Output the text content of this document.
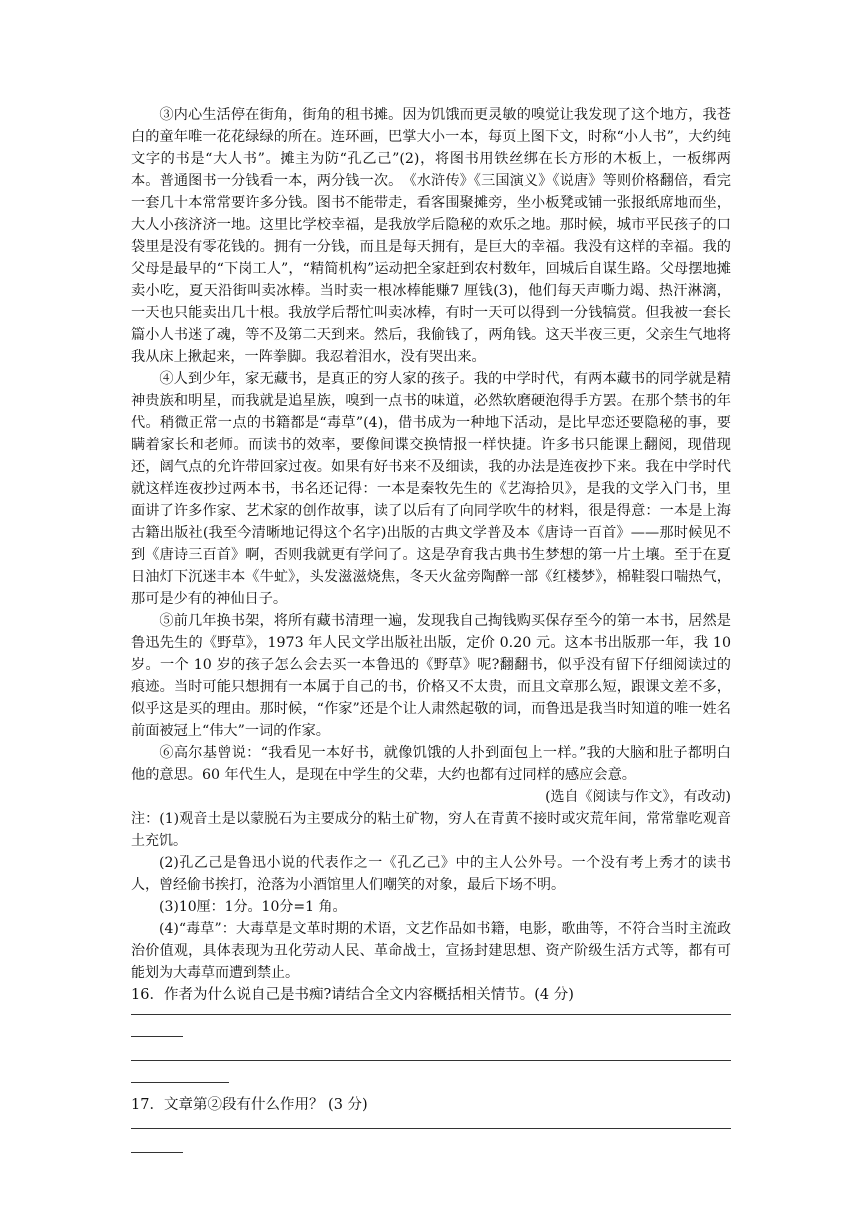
③内心生活停在街角，街角的租书摊。因为饥饿而更灵敏的嗅觉让我发现了这个地方，我苍白的童年唯一花花绿绿的所在。连环画，巴掌大小一本，每页上图下文，时称“小人书”，大约纯文字的书是“大人书”。摊主为防“孔乙己”(2)，将图书用铁丝绑在长方形的木板上，一板绑两本。普通图书一分钱看一本，两分钱一次。　《水浒传》《三国演义》《说唐》等则价格翻倍，看完一套几十本常常要许多分钱。图书不能带走，看客围聚摊旁，坐小板凳或铺一张报纸席地而坐，大人小孩济济一地。这里比学校幸福，是我放学后隐秘的欢乐之地。那时候，城市平民孩子的口袋里是没有零花钱的。拥有一分钱，而且是每天拥有，是巨大的幸福。我没有这样的幸福。我的父母是最早的“下岗工人”，“精简机构”运动把全家赶到农村数年，回城后自谋生路。父母摆地摊卖小吃，夏天沿街叫卖冰棒。当时卖一根冰棒能赚7 厘钱(3)，他们每天声嘶力竭、热汗淋漓，一天也只能卖出几十根。我放学后帮忙叫卖冰棒，有时一天可以得到一分钱犒赏。但我被一套长篇小人书迷了魂，等不及第二天到来。然后，我偷钱了，两角钱。这天半夜三更，父亲生气地将我从床上揪起来，一阵拳脚。我忍着泪水，没有哭出来。

④人到少年，家无藏书，是真正的穷人家的孩子。我的中学时代，有两本藏书的同学就是精神贵族和明星，而我就是追星族，嗅到一点书的味道，必然软磨硬泡得手方罢。在那个禁书的年代。稍微正常一点的书籍都是“毒草”(4)，借书成为一种地下活动，是比早恋还要隐秘的事，要瞒着家长和老师。而读书的效率，要像间谍交换情报一样快捷。许多书只能课上翻阅，现借现还，阔气点的允许带回家过夜。如果有好书来不及细读，我的办法是连夜抄下来。我在中学时代就这样连夜抄过两本书，书名还记得：一本是秦牧先生的《艺海拾贝》，是我的文学入门书，里面讲了许多作家、艺术家的创作故事，读了以后有了向同学吹牛的材料，很是得意：一本是上海古籍出版社(我至今清晰地记得这个名字)出版的古典文学普及本《唐诗一百首》——那时候见不到《唐诗三百首》啊，否则我就更有学问了。这是孕育我古典书生梦想的第一片土壤。至于在夏日油灯下沉迷丰本《牛虻》，头发滋滋烧焦，冬天火盆旁陶醉一部《红楼梦》，棉鞋裂口喘热气，那可是少有的神仙日子。

⑤前几年换书架，将所有藏书清理一遍，发现我自己掏钱购买保存至今的第一本书，居然是鲁迅先生的《野草》，1973 年人民文学出版社出版，定价 0.20 元。这本书出版那一年，我 10 岁。一个 10 岁的孩子怎么会去买一本鲁迅的《野草》呢?翻翻书，似乎没有留下仔细阅读过的痕迹。当时可能只想拥有一本属于自己的书，价格又不太贵，而且文章那么短，跟课文差不多，似乎这是买的理由。那时候，“作家”还是个让人肃然起敬的词，而鲁迅是我当时知道的唯一姓名前面被冠上“伟大”一词的作家。

⑥高尔基曾说：“我看见一本好书，就像饥饿的人扑到面包上一样。”我的大脑和肚子都明白他的意思。60 年代生人，是现在中学生的父辈，大约也都有过同样的感应会意。

(选自《阅读与作文》，有改动)

注：(1)观音土是以蒙脱石为主要成分的粘土矿物，穷人在青黄不接时或灾荒年间，常常靠吃观音土充饥。

(2)孔乙己是鲁迅小说的代表作之一《孔乙己》中的主人公外号。一个没有考上秀才的读书人，曾经偷书挨打，沧落为小酒馆里人们嘲笑的对象，最后下场不明。

(3)10厘：1分。10分=1 角。

(4)“毒草”：大毒草是文革时期的术语，文艺作品如书籍，电影，歌曲等，不符合当时主流政治价值观，具体表现为丑化劳动人民、革命战士，宣扬封建思想、资产阶级生活方式等，都有可能划为大毒草而遭到禁止。

16．作者为什么说自己是书痴?请结合全文内容概括相关情节。(4 分)

17．文章第②段有什么作用？ (3 分)
